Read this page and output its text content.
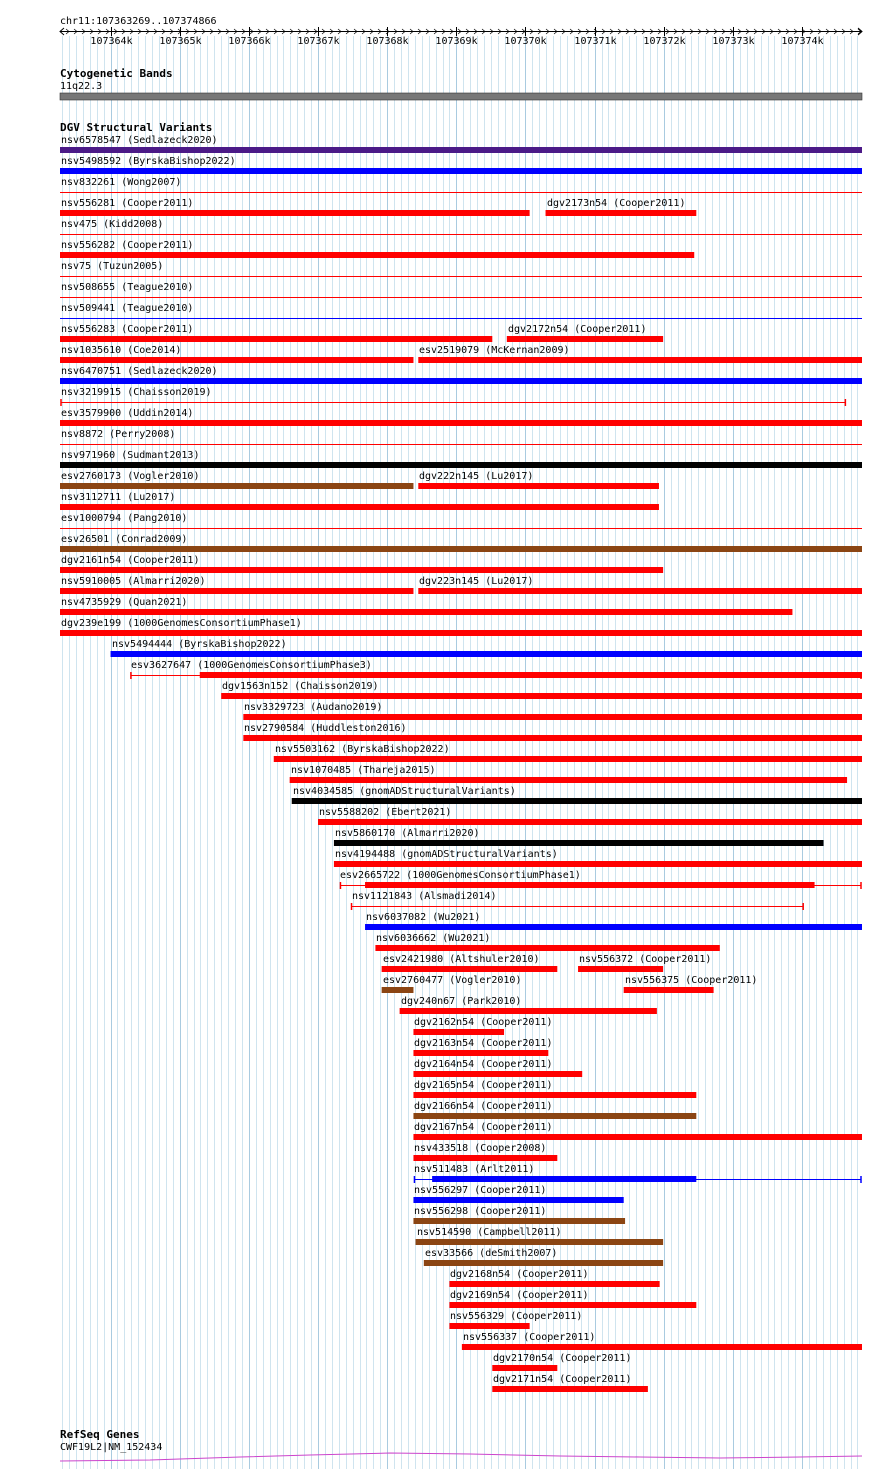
chr11:107363269..107374866
107364k	107365k	107366k	107367k	107368k	107369k	107370k	107371k	107372k	107373k	107374k
Cytogenetic Bands
11q22.3
DGV Structural Variants
nsv6578547 (Sedlazeck2020)
nsv5498592 (ByrskaBishop2022)
nsv832261 (Wong2007)
nsv556281 (Cooper2011)	dgv2173n54 (Cooper2011)
nsv475 (Kidd2008)
nsv556282 (Cooper2011)
nsv75 (Tuzun2005)
nsv508655 (Teague2010)
nsv509441 (Teague2010)
nsv556283 (Cooper2011)	dgv2172n54 (Cooper2011)
nsv1035610 (Coe2014)	esv2519079 (McKernan2009)
nsv6470751 (Sedlazeck2020)
nsv3219915 (Chaisson2019)
esv3579900 (Uddin2014)
nsv8872 (Perry2008)
nsv971960 (Sudmant2013)
esv2760173 (Vogler2010)	dgv222n145 (Lu2017)
nsv3112711 (Lu2017)
esv1000794 (Pang2010)
esv26501 (Conrad2009)
dgv2161n54 (Cooper2011)
nsv5910005 (Almarri2020)	dgv223n145 (Lu2017)
nsv4735929 (Quan2021)
dgv239e199 (1000GenomesConsortiumPhase1)
nsv5494444 (ByrskaBishop2022)
esv3627647 (1000GenomesConsortiumPhase3)
dgv1563n152 (Chaisson2019)
nsv3329723 (Audano2019)
nsv2790584 (Huddleston2016)
nsv5503162 (ByrskaBishop2022)
nsv1070485 (Thareja2015)
nsv4034585 (gnomADStructuralVariants)
nsv5588202 (Ebert2021)
nsv5860170 (Almarri2020)
nsv4194488 (gnomADStructuralVariants)
esv2665722 (1000GenomesConsortiumPhase1)
nsv1121843 (Alsmadi2014)
nsv6037082 (Wu2021)
nsv6036662 (Wu2021)
esv2421980 (Altshuler2010)	nsv556372 (Cooper2011)
esv2760477 (Vogler2010)	nsv556375 (Cooper2011)
dgv240n67 (Park2010)
dgv2162n54 (Cooper2011)
dgv2163n54 (Cooper2011)
dgv2164n54 (Cooper2011)
dgv2165n54 (Cooper2011)
dgv2166n54 (Cooper2011)
dgv2167n54 (Cooper2011)
nsv433518 (Cooper2008)
nsv511483 (Arlt2011)
nsv556297 (Cooper2011)
nsv556298 (Cooper2011)
nsv514590 (Campbell2011)
esv33566 (deSmith2007)
dgv2168n54 (Cooper2011)
dgv2169n54 (Cooper2011)
nsv556329 (Cooper2011)
nsv556337 (Cooper2011)
dgv2170n54 (Cooper2011)
dgv2171n54 (Cooper2011)
RefSeq Genes
CWF19L2|NM_152434
